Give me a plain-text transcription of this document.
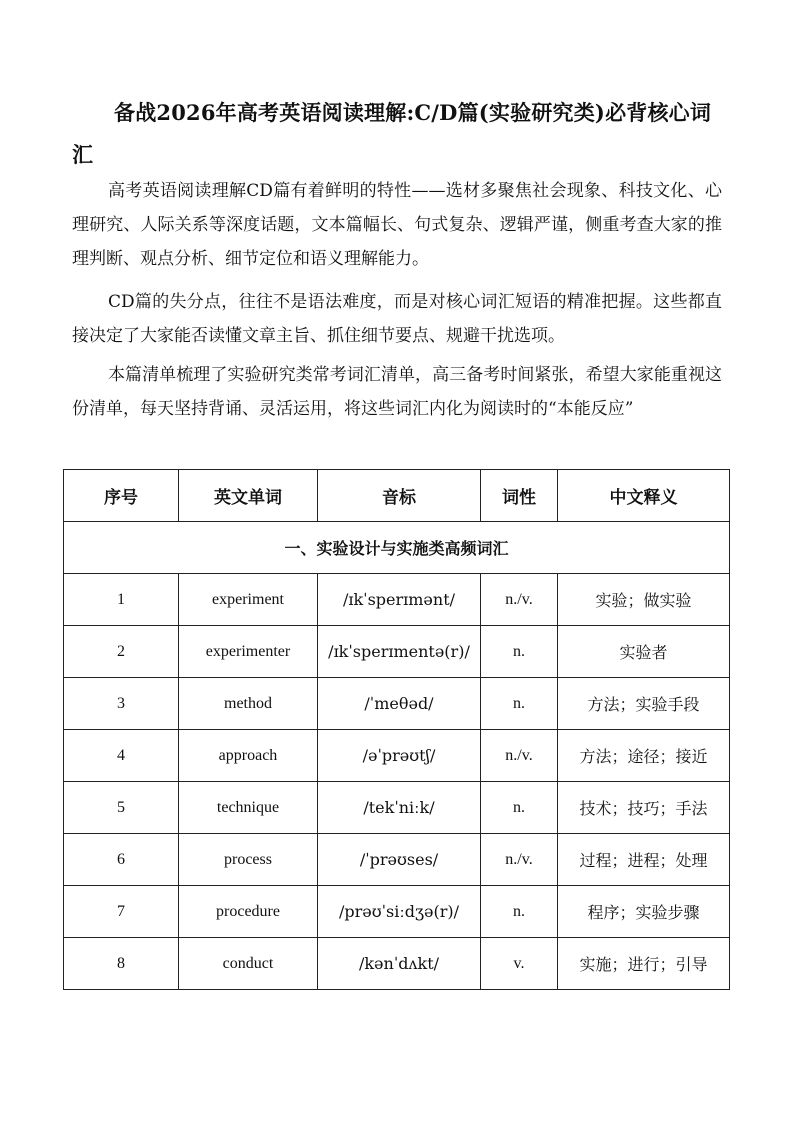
备战2026年高考英语阅读理解:C/D篇(实验研究类)必背核心词汇

高考英语阅读理解CD篇有着鲜明的特性——选材多聚焦社会现象、科技文化、心理研究、人际关系等深度话题，文本篇幅长、句式复杂、逻辑严谨，侧重考查大家的推理判断、观点分析、细节定位和语义理解能力。

CD篇的失分点，往往不是语法难度，而是对核心词汇短语的精准把握。这些都直接决定了大家能否读懂文章主旨、抓住细节要点、规避干扰选项。

本篇清单梳理了实验研究类常考词汇清单，高三备考时间紧张，希望大家能重视这份清单，每天坚持背诵、灵活运用，将这些词汇内化为阅读时的“本能反应”

序号	英文单词	音标	词性	中文释义
一、实验设计与实施类高频词汇				
1	experiment	/ɪkˈsperɪmənt/	n./v.	实验；做实验
2	experimenter	/ɪkˈsperɪmentə(r)/	n.	实验者
3	method	/ˈmeθəd/	n.	方法；实验手段
4	approach	/əˈprəʊtʃ/	n./v.	方法；途径；接近
5	technique	/tekˈniːk/	n.	技术；技巧；手法
6	process	/ˈprəʊses/	n./v.	过程；进程；处理
7	procedure	/prəʊˈsiːdʒə(r)/	n.	程序；实验步骤
8	conduct	/kənˈdʌkt/	v.	实施；进行；引导
